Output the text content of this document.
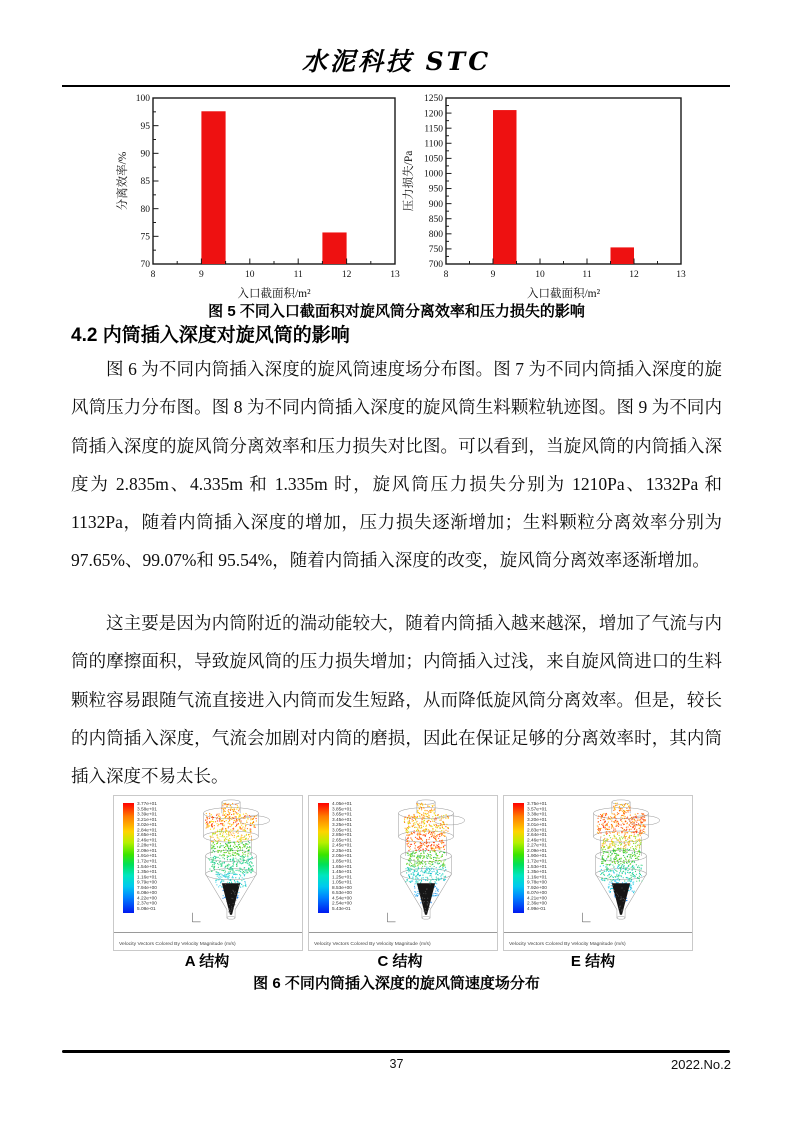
水泥科技 STC
70
75
80
85
90
95
100
8	9	10	11	12	13
入口截面积/m²
分离效率/%
700
750
800
850
900
950
1000
1050
1100
1150
1200
1250
8	9	10	11	12	13
入口截面积/m²
压力损失/Pa
图 5 不同入口截面积对旋风筒分离效率和压力损失的影响
4.2 内筒插入深度对旋风筒的影响

图 6 为不同内筒插入深度的旋风筒速度场分布图。图 7 为不同内筒插入深度的旋风筒压力分布图。图 8 为不同内筒插入深度的旋风筒生料颗粒轨迹图。图 9 为不同内筒插入深度的旋风筒分离效率和压力损失对比图。可以看到，当旋风筒的内筒插入深度为 2.835m、4.335m 和 1.335m 时，旋风筒压力损失分别为 1210Pa、1332Pa 和 1132Pa，随着内筒插入深度的增加，压力损失逐渐增加；生料颗粒分离效率分别为 97.65%、99.07%和 95.54%，随着内筒插入深度的改变，旋风筒分离效率逐渐增加。

这主要是因为内筒附近的湍动能较大，随着内筒插入越来越深，增加了气流与内筒的摩擦面积，导致旋风筒的压力损失增加；内筒插入过浅，来自旋风筒进口的生料颗粒容易跟随气流直接进入内筒而发生短路，从而降低旋风筒分离效率。但是，较长的内筒插入深度，气流会加剧对内筒的磨损，因此在保证足够的分离效率时，其内筒插入深度不易太长。

3.77e+01
3.58e+01
3.39e+01
3.21e+01
3.02e+01
2.84e+01
2.65e+01
2.46e+01
2.28e+01
2.09e+01
1.91e+01
1.72e+01
1.54e+01
1.35e+01
1.16e+01
9.79e+00
7.94e+00
6.08e+00
4.22e+00
2.37e+00
5.08e-01
Velocity Vectors Colored By Velocity Magnitude (m/s)
4.05e+01
3.85e+01
3.65e+01
3.45e+01
3.25e+01
3.05e+01
2.85e+01
2.65e+01
2.45e+01
2.25e+01
2.05e+01
1.85e+01
1.65e+01
1.45e+01
1.25e+01
1.05e+01
8.53e+00
6.53e+00
4.54e+00
2.54e+00
5.43e-01
Velocity Vectors Colored By Velocity Magnitude (m/s)
3.75e+01
3.57e+01
3.38e+01
3.20e+01
3.01e+01
2.83e+01
2.64e+01
2.46e+01
2.27e+01
2.09e+01
1.90e+01
1.72e+01
1.53e+01
1.35e+01
1.16e+01
9.78e+00
7.92e+00
6.07e+00
4.21e+00
2.36e+00
4.99e-01
Velocity Vectors Colored By Velocity Magnitude (m/s)
A 结构	C 结构	E 结构
图 6 不同内筒插入深度的旋风筒速度场分布
37	2022.No.2
